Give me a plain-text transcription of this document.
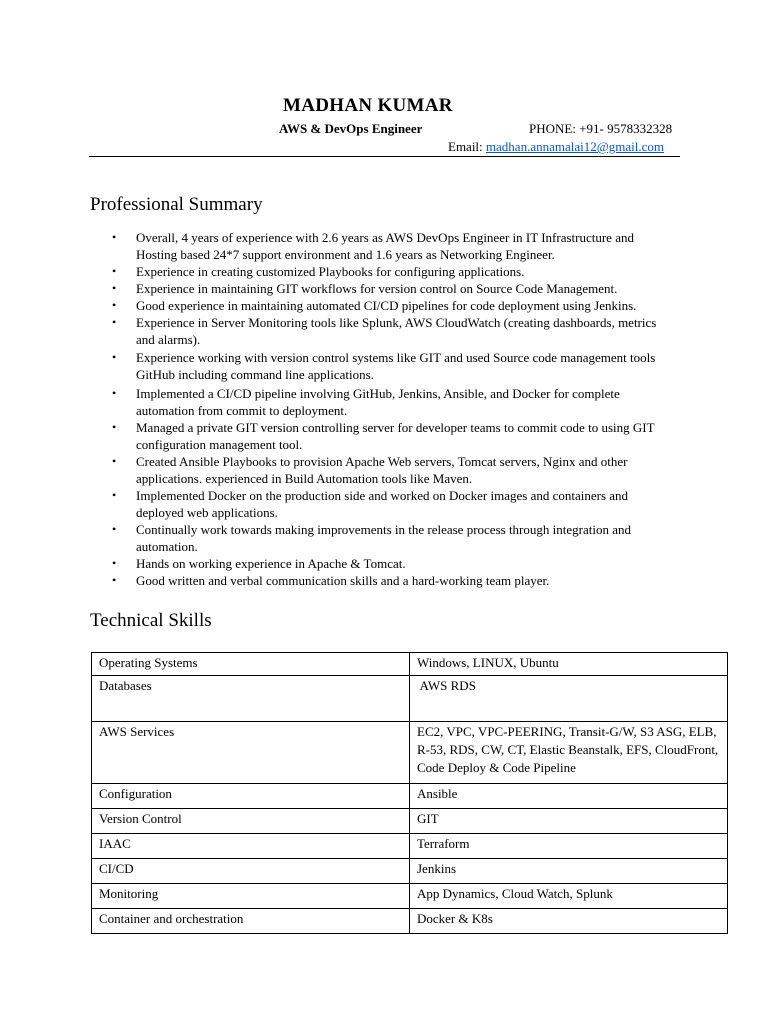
MADHAN KUMAR
AWS & DevOps Engineer	PHONE: +91- 9578332328
Email: madhan.annamalai12@gmail.com
Professional Summary
• Overall, 4 years of experience with 2.6 years as AWS DevOps Engineer in IT Infrastructure and Hosting based 24*7 support environment and 1.6 years as Networking Engineer.
• Experience in creating customized Playbooks for configuring applications.
• Experience in maintaining GIT workflows for version control on Source Code Management.
• Good experience in maintaining automated CI/CD pipelines for code deployment using Jenkins.
• Experience in Server Monitoring tools like Splunk, AWS CloudWatch (creating dashboards, metrics and alarms).
• Experience working with version control systems like GIT and used Source code management tools GitHub including command line applications.
• Implemented a CI/CD pipeline involving GitHub, Jenkins, Ansible, and Docker for complete automation from commit to deployment.
• Managed a private GIT version controlling server for developer teams to commit code to using GIT configuration management tool.
• Created Ansible Playbooks to provision Apache Web servers, Tomcat servers, Nginx and other applications. experienced in Build Automation tools like Maven.
• Implemented Docker on the production side and worked on Docker images and containers and deployed web applications.
• Continually work towards making improvements in the release process through integration and automation.
• Hands on working experience in Apache & Tomcat.
• Good written and verbal communication skills and a hard-working team player.
Technical Skills
Operating Systems	Windows, LINUX, Ubuntu
Databases	AWS RDS
AWS Services	EC2, VPC, VPC-PEERING, Transit-G/W, S3 ASG, ELB, R-53, RDS, CW, CT, Elastic Beanstalk, EFS, CloudFront, Code Deploy & Code Pipeline
Configuration	Ansible
Version Control	GIT
IAAC	Terraform
CI/CD	Jenkins
Monitoring	App Dynamics, Cloud Watch, Splunk
Container and orchestration	Docker & K8s
